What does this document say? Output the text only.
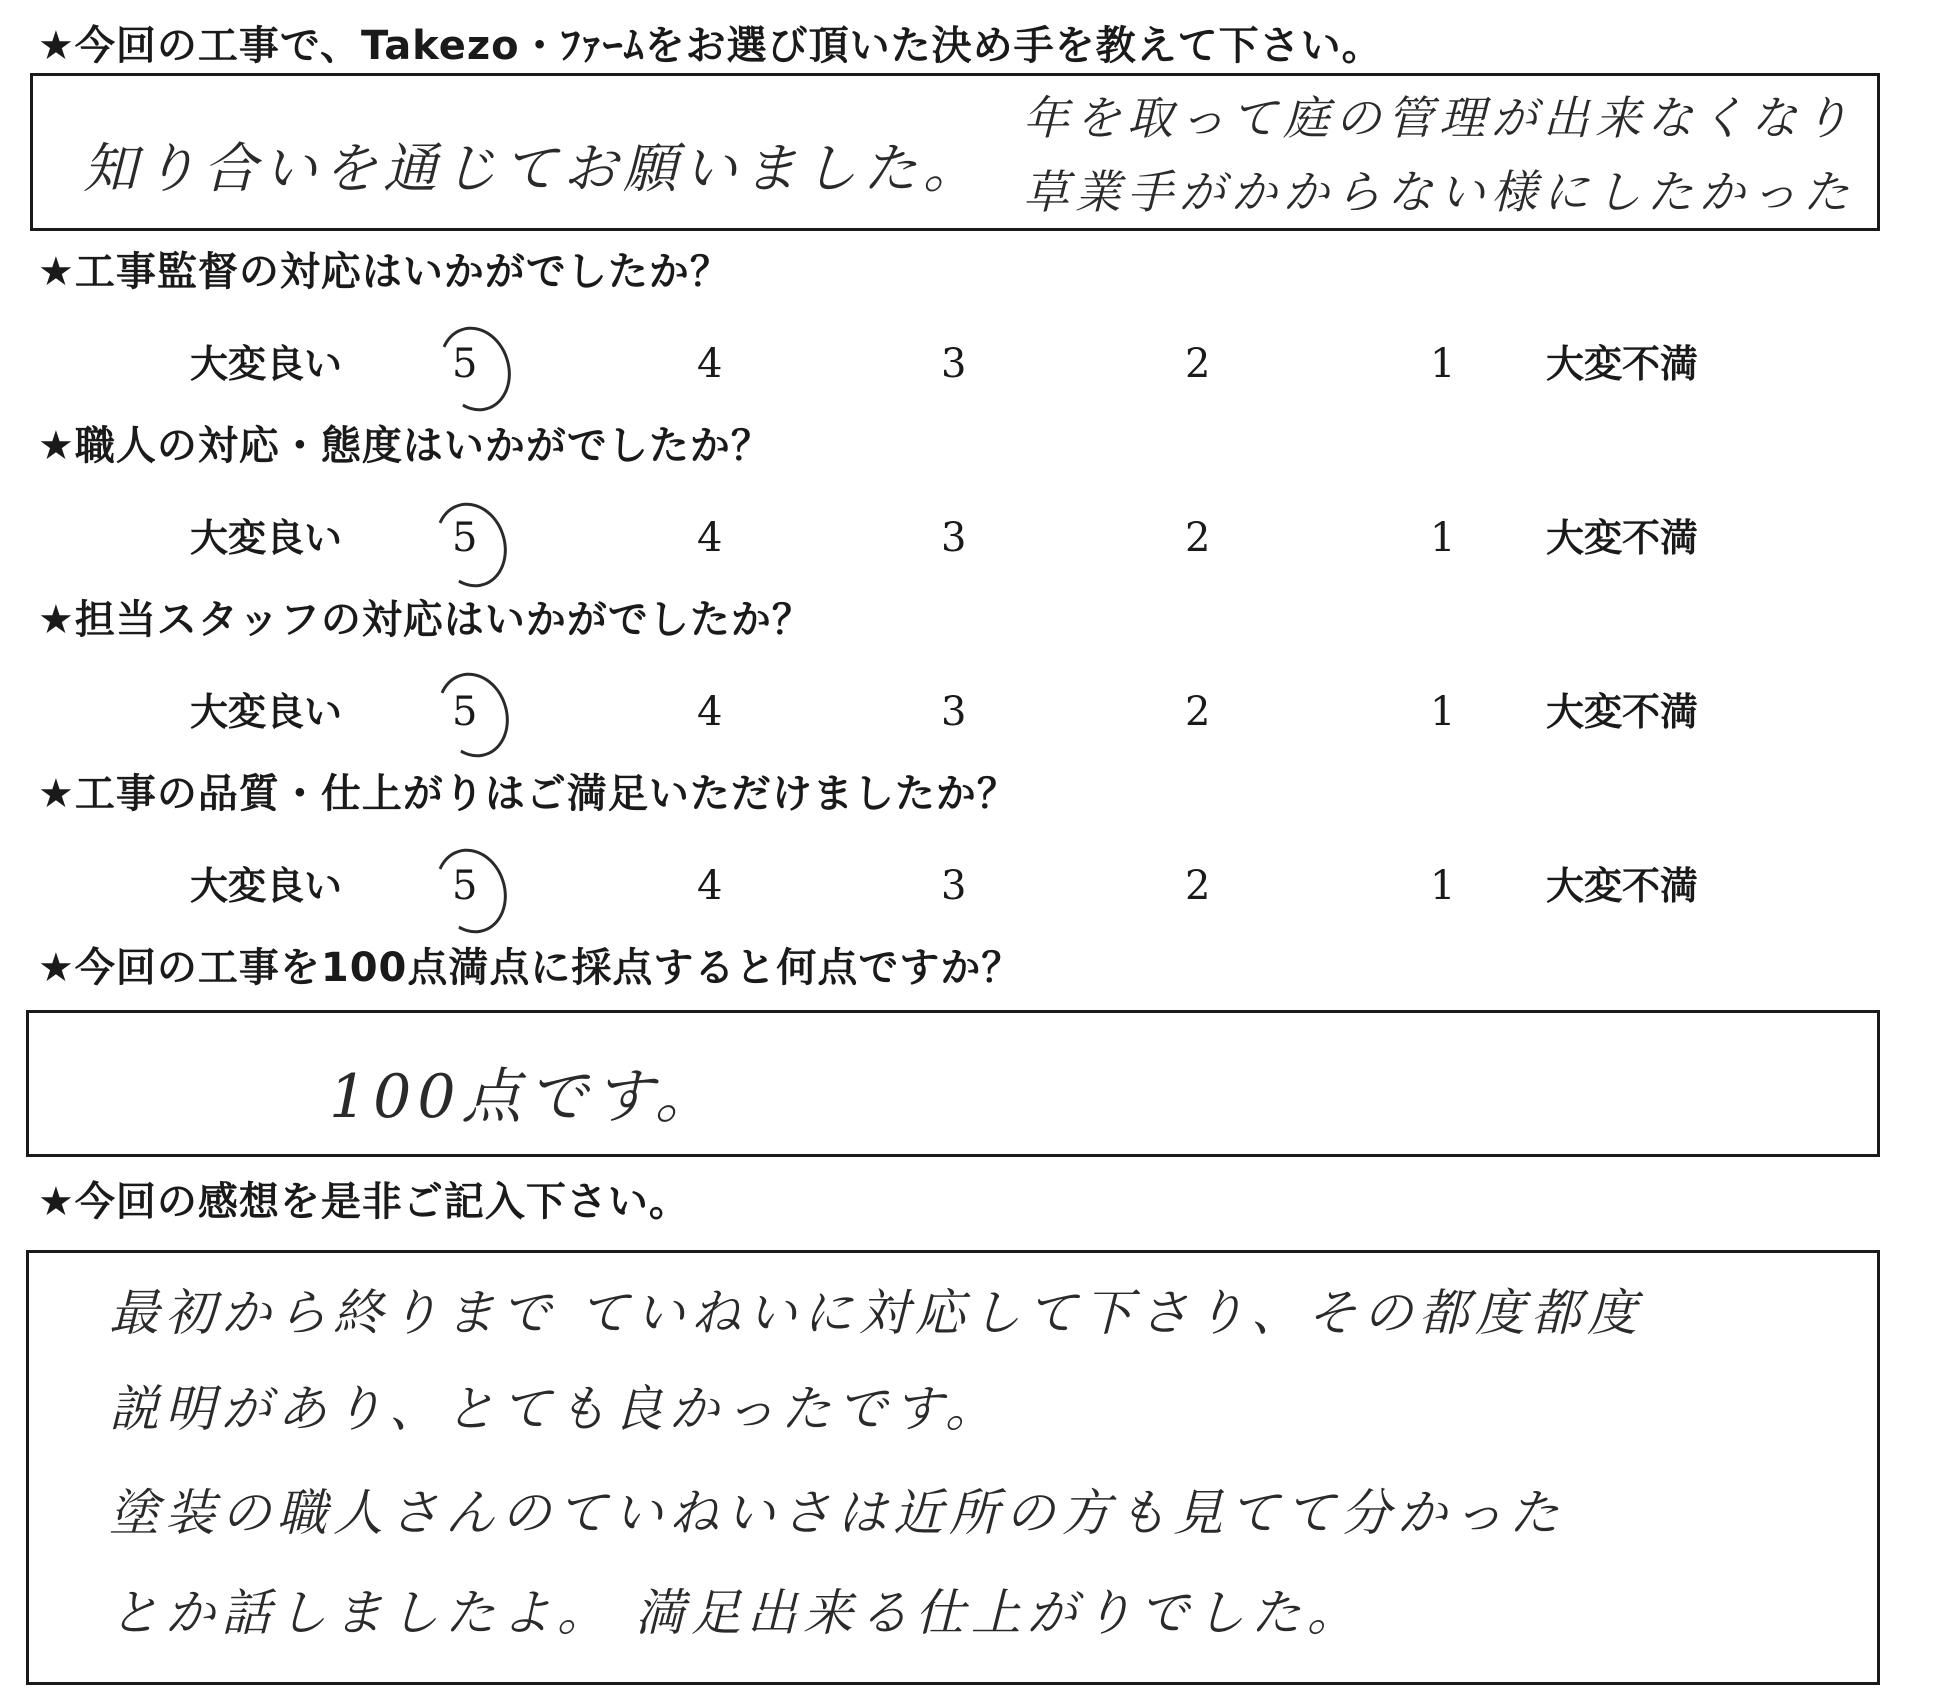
★今回の工事で、Takezo・ﾌｧｰﾑをお選び頂いた決め手を教えて下さい。

知り合いを通じてお願いました。
年を取って庭の管理が出来なくなり
草業手がかからない様にしたかった

★工事監督の対応はいかがでしたか？

大変良い	5	4	3	2	1 大変不満

★職人の対応・態度はいかがでしたか？

大変良い	5	4	3	2	1 大変不満

★担当スタッフの対応はいかがでしたか？

大変良い	5	4	3	2	1 大変不満

★工事の品質・仕上がりはご満足いただけましたか？

大変良い	5	4	3	2	1 大変不満

★今回の工事を100点満点に採点すると何点ですか？

100点です。

★今回の感想を是非ご記入下さい。

最初から終りまで ていねいに対応して下さり、その都度都度
説明があり、とても良かったです。
塗装の職人さんのていねいさは近所の方も見てて分かった
とか話しましたよ。 満足出来る仕上がりでした。
